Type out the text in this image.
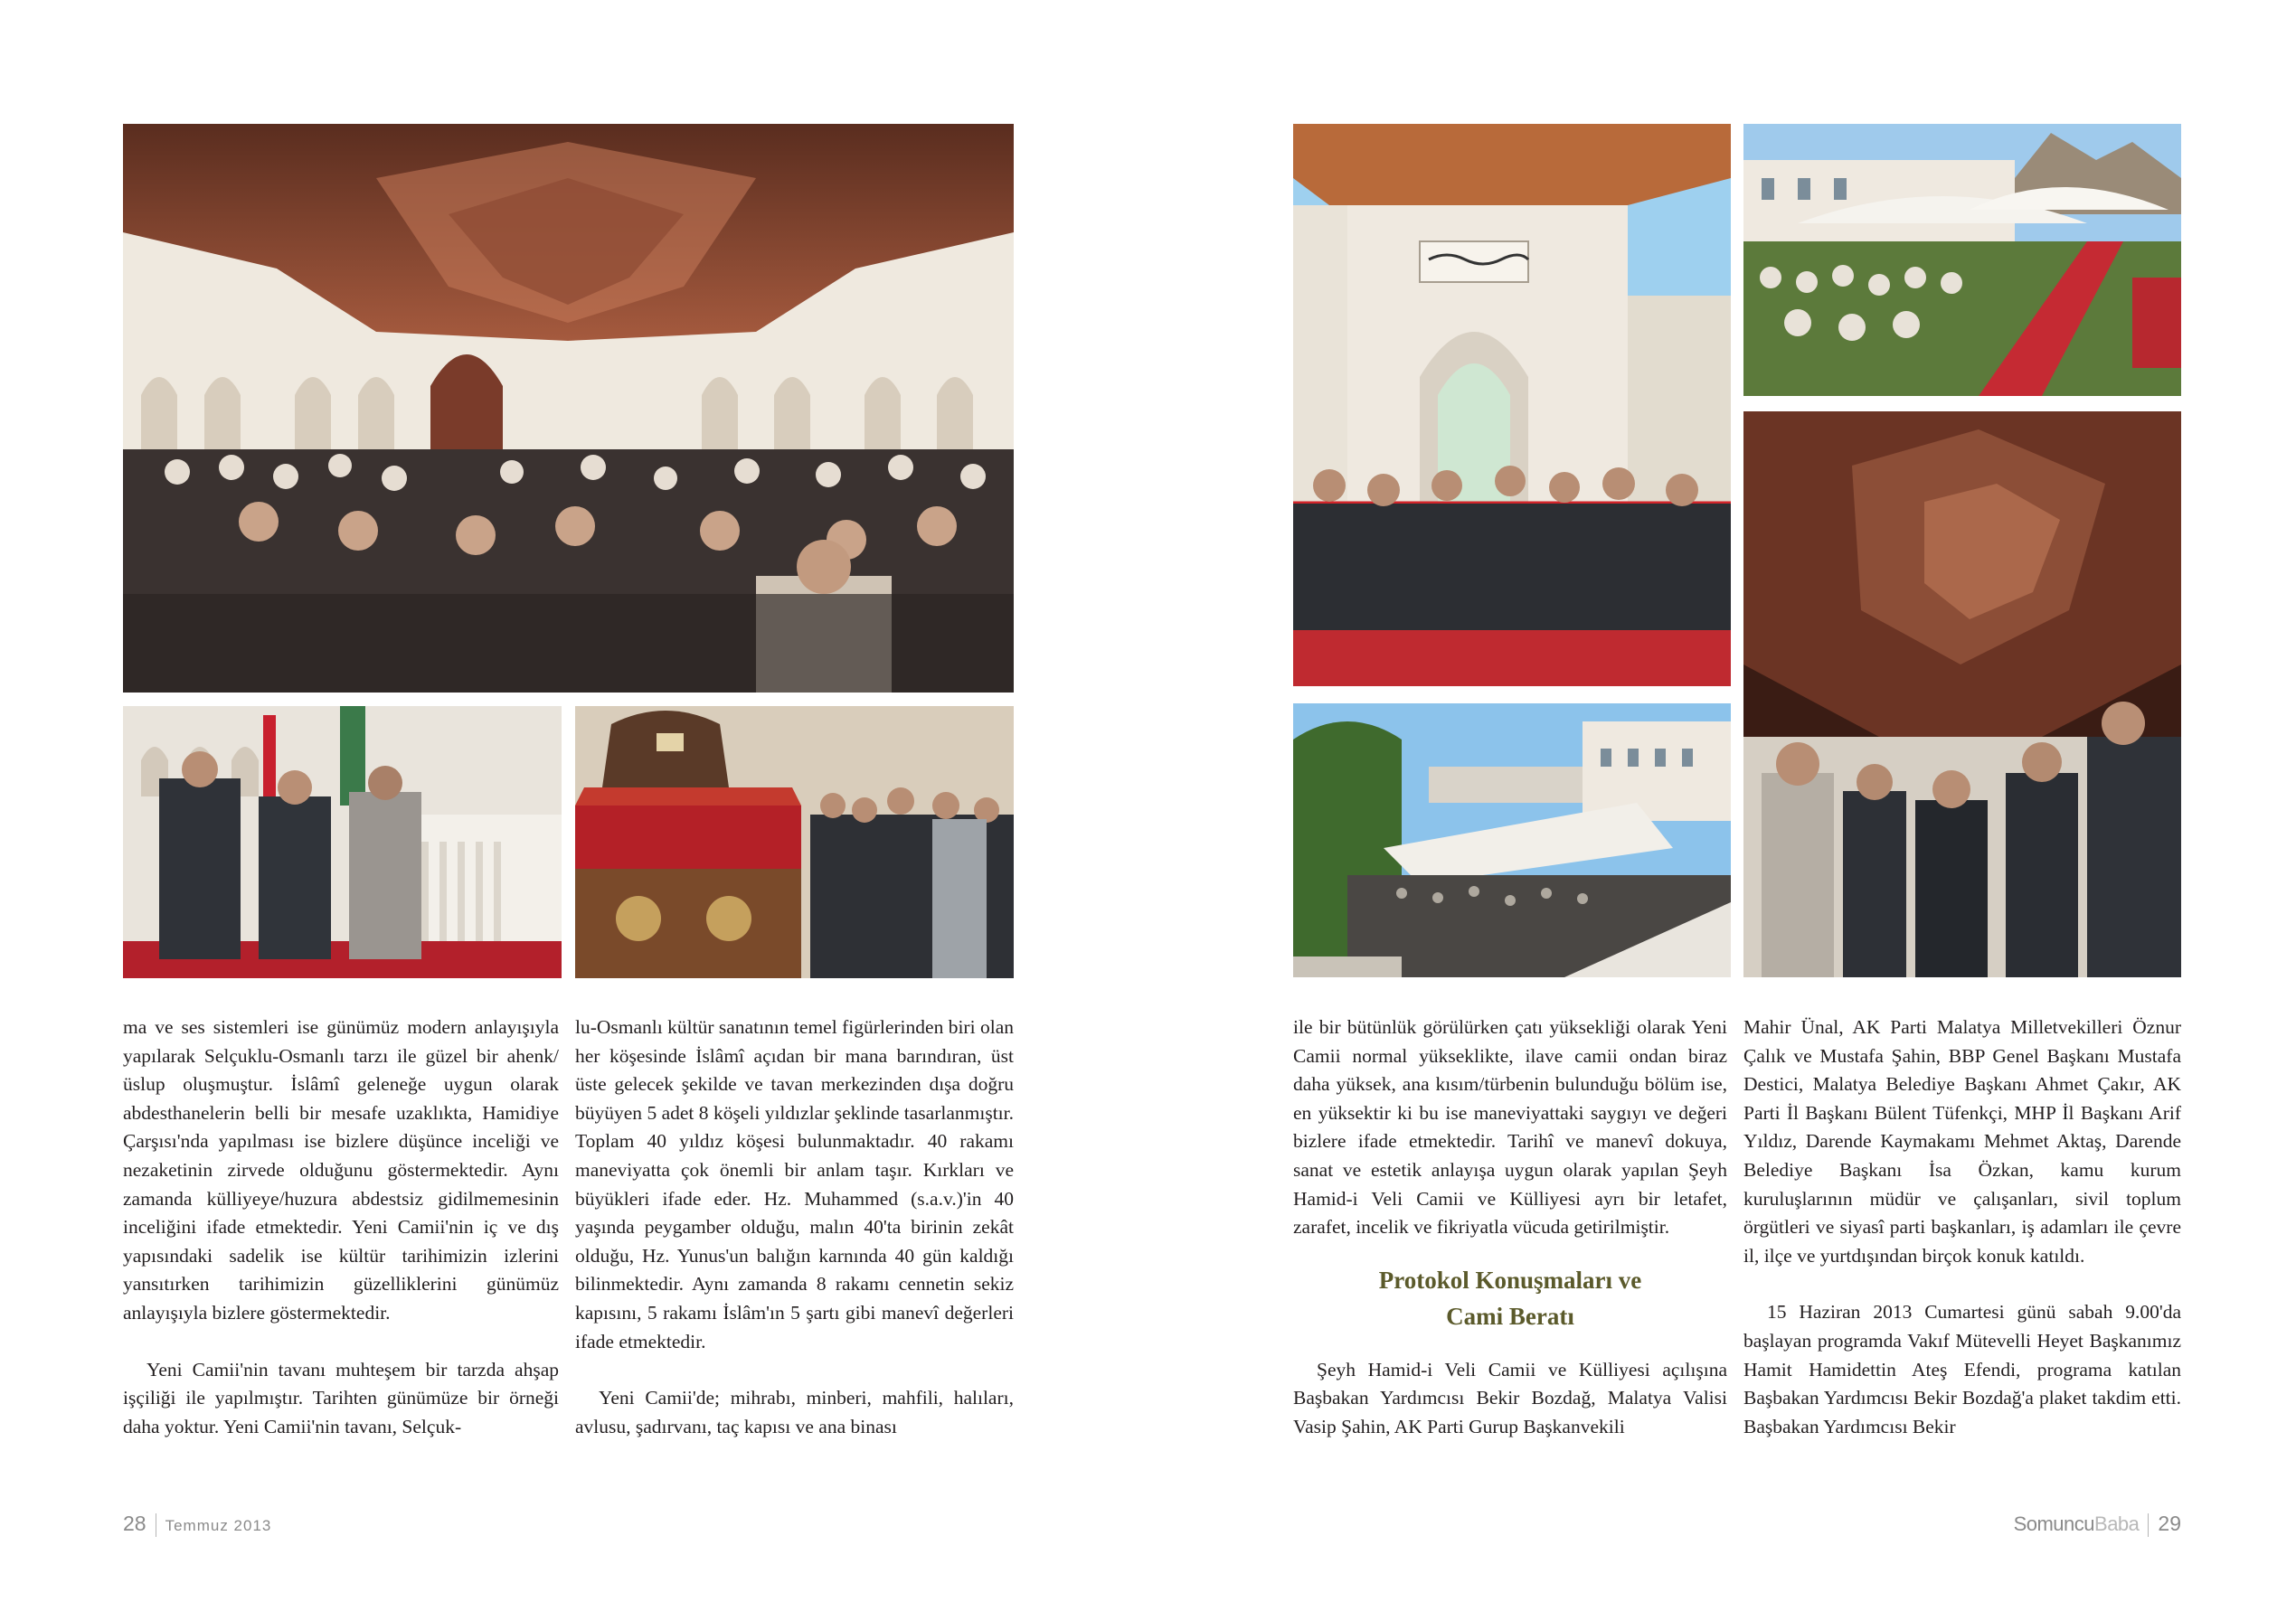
ma ve ses sistemleri ise günümüz modern anlayışıyla yapılarak Selçuklu-Osmanlı tarzı ile güzel bir ahenk/üslup oluşmuştur. İslâmî geleneğe uygun olarak abdesthanelerin belli bir mesafe uzaklıkta, Hamidiye Çarşısı'nda yapılması ise bizlere düşünce inceliği ve nezaketinin zirvede olduğunu göstermektedir. Aynı zamanda külliyeye/huzura abdestsiz gidilmemesinin inceliğini ifade etmektedir. Yeni Camii'nin iç ve dış yapısındaki sadelik ise kültür tarihimizin izlerini yansıtırken tarihimizin güzelliklerini günümüz anlayışıyla bizlere göstermektedir.

Yeni Camii'nin tavanı muhteşem bir tarzda ahşap işçiliği ile yapılmıştır. Tarihten günümüze bir örneği daha yoktur. Yeni Camii'nin tavanı, Selçuk-

lu-Osmanlı kültür sanatının temel figürlerinden biri olan her köşesinde İslâmî açıdan bir mana barındıran, üst üste gelecek şekilde ve tavan merkezinden dışa doğru büyüyen 5 adet 8 köşeli yıldızlar şeklinde tasarlanmıştır. Toplam 40 yıldız köşesi bulunmaktadır. 40 rakamı maneviyatta çok önemli bir anlam taşır. Kırkları ve büyükleri ifade eder. Hz. Muhammed (s.a.v.)'in 40 yaşında peygamber olduğu, malın 40'ta birinin zekât olduğu, Hz. Yunus'un balığın karnında 40 gün kaldığı bilinmektedir. Aynı zamanda 8 rakamı cennetin sekiz kapısını, 5 rakamı İslâm'ın 5 şartı gibi manevî değerleri ifade etmektedir.

Yeni Camii'de; mihrabı, minberi, mahfili, halıları, avlusu, şadırvanı, taç kapısı ve ana binası

28 Temmuz 2013

ile bir bütünlük görülürken çatı yüksekliği olarak Yeni Camii normal yükseklikte, ilave camii ondan biraz daha yüksek, ana kısım/türbenin bulunduğu bölüm ise, en yüksektir ki bu ise maneviyattaki saygıyı ve değeri bizlere ifade etmektedir. Tarihî ve manevî dokuya, sanat ve estetik anlayışa uygun olarak yapılan Şeyh Hamid-i Veli Camii ve Külliyesi ayrı bir letafet, zarafet, incelik ve fikriyatla vücuda getirilmiştir.

Protokol Konuşmaları ve
Cami Beratı

Şeyh Hamid-i Veli Camii ve Külliyesi açılışına Başbakan Yardımcısı Bekir Bozdağ, Malatya Valisi Vasip Şahin, AK Parti Gurup Başkanvekili

Mahir Ünal, AK Parti Malatya Milletvekilleri Öznur Çalık ve Mustafa Şahin, BBP Genel Başkanı Mustafa Destici, Malatya Belediye Başkanı Ahmet Çakır, AK Parti İl Başkanı Bülent Tüfenkçi, MHP İl Başkanı Arif Yıldız, Darende Kaymakamı Mehmet Aktaş, Darende Belediye Başkanı İsa Özkan, kamu kurum kuruluşlarının müdür ve çalışanları, sivil toplum örgütleri ve siyasî parti başkanları, iş adamları ile çevre il, ilçe ve yurtdışından birçok konuk katıldı.

15 Haziran 2013 Cumartesi günü sabah 9.00'da başlayan programda Vakıf Mütevelli Heyet Başkanımız Hamit Hamidettin Ateş Efendi, programa katılan Başbakan Yardımcısı Bekir Bozdağ'a plaket takdim etti. Başbakan Yardımcısı Bekir

SomuncuBaba 29
